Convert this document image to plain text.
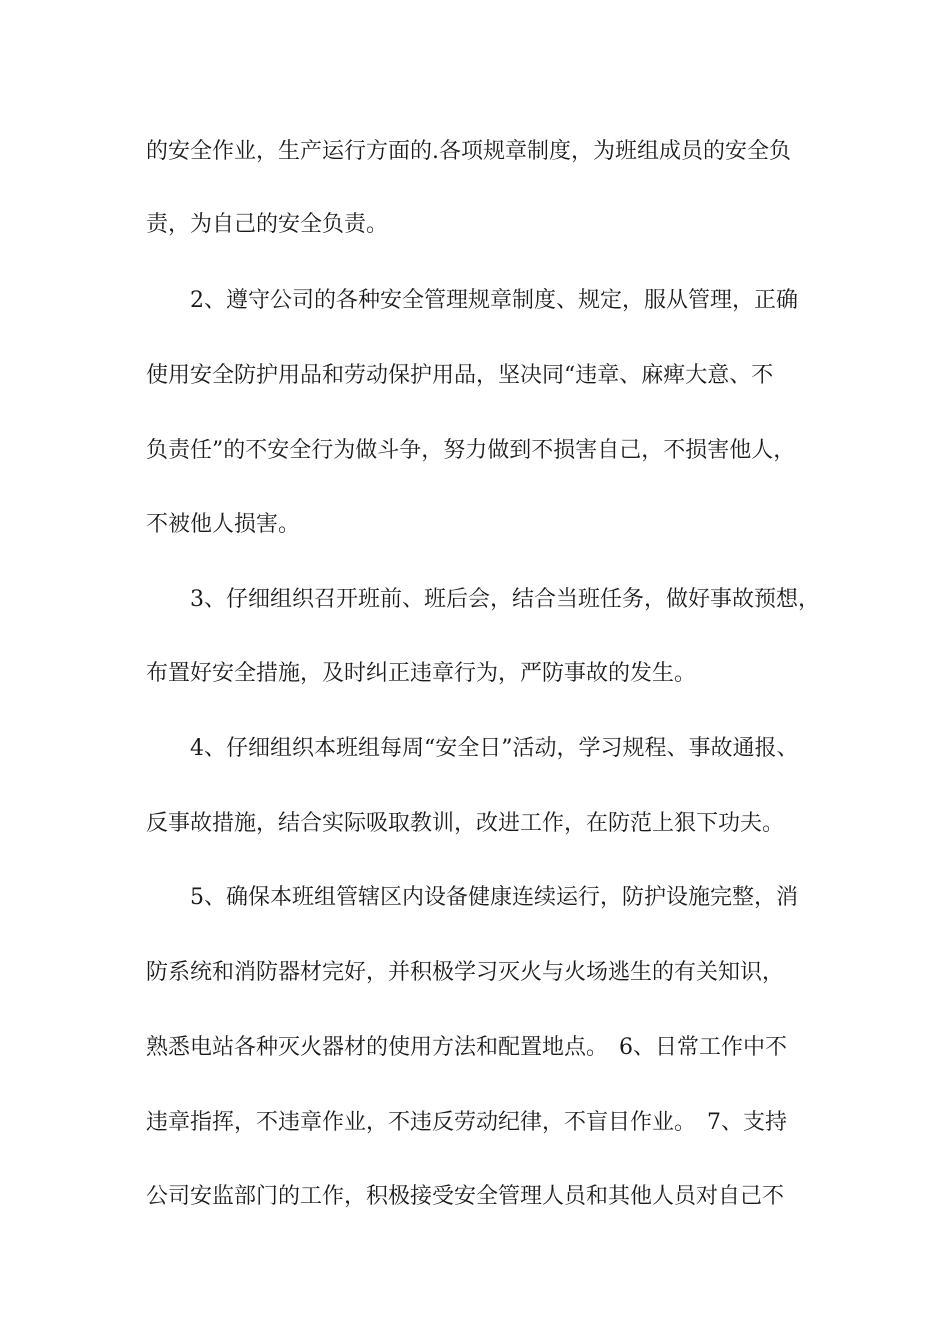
的安全作业，生产运行方面的.各项规章制度，为班组成员的安全负
责，为自己的安全负责。
2、遵守公司的各种安全管理规章制度、规定，服从管理，正确
使用安全防护用品和劳动保护用品，坚决同“违章、麻痺大意、不
负责任”的不安全行为做斗争，努力做到不损害自己，不损害他人，
不被他人损害。
3、仔细组织召开班前、班后会，结合当班任务，做好事故预想，
布置好安全措施，及时纠正违章行为，严防事故的发生。
4、仔细组织本班组每周“安全日”活动，学习规程、事故通报、
反事故措施，结合实际吸取教训，改进工作，在防范上狠下功夫。
5、确保本班组管辖区内设备健康连续运行，防护设施完整，消
防系统和消防器材完好，并积极学习灭火与火场逃生的有关知识，
熟悉电站各种灭火器材的使用方法和配置地点。　6、日常工作中不
违章指挥，不违章作业，不违反劳动纪律，不盲目作业。　7、支持
公司安监部门的工作，积极接受安全管理人员和其他人员对自己不
